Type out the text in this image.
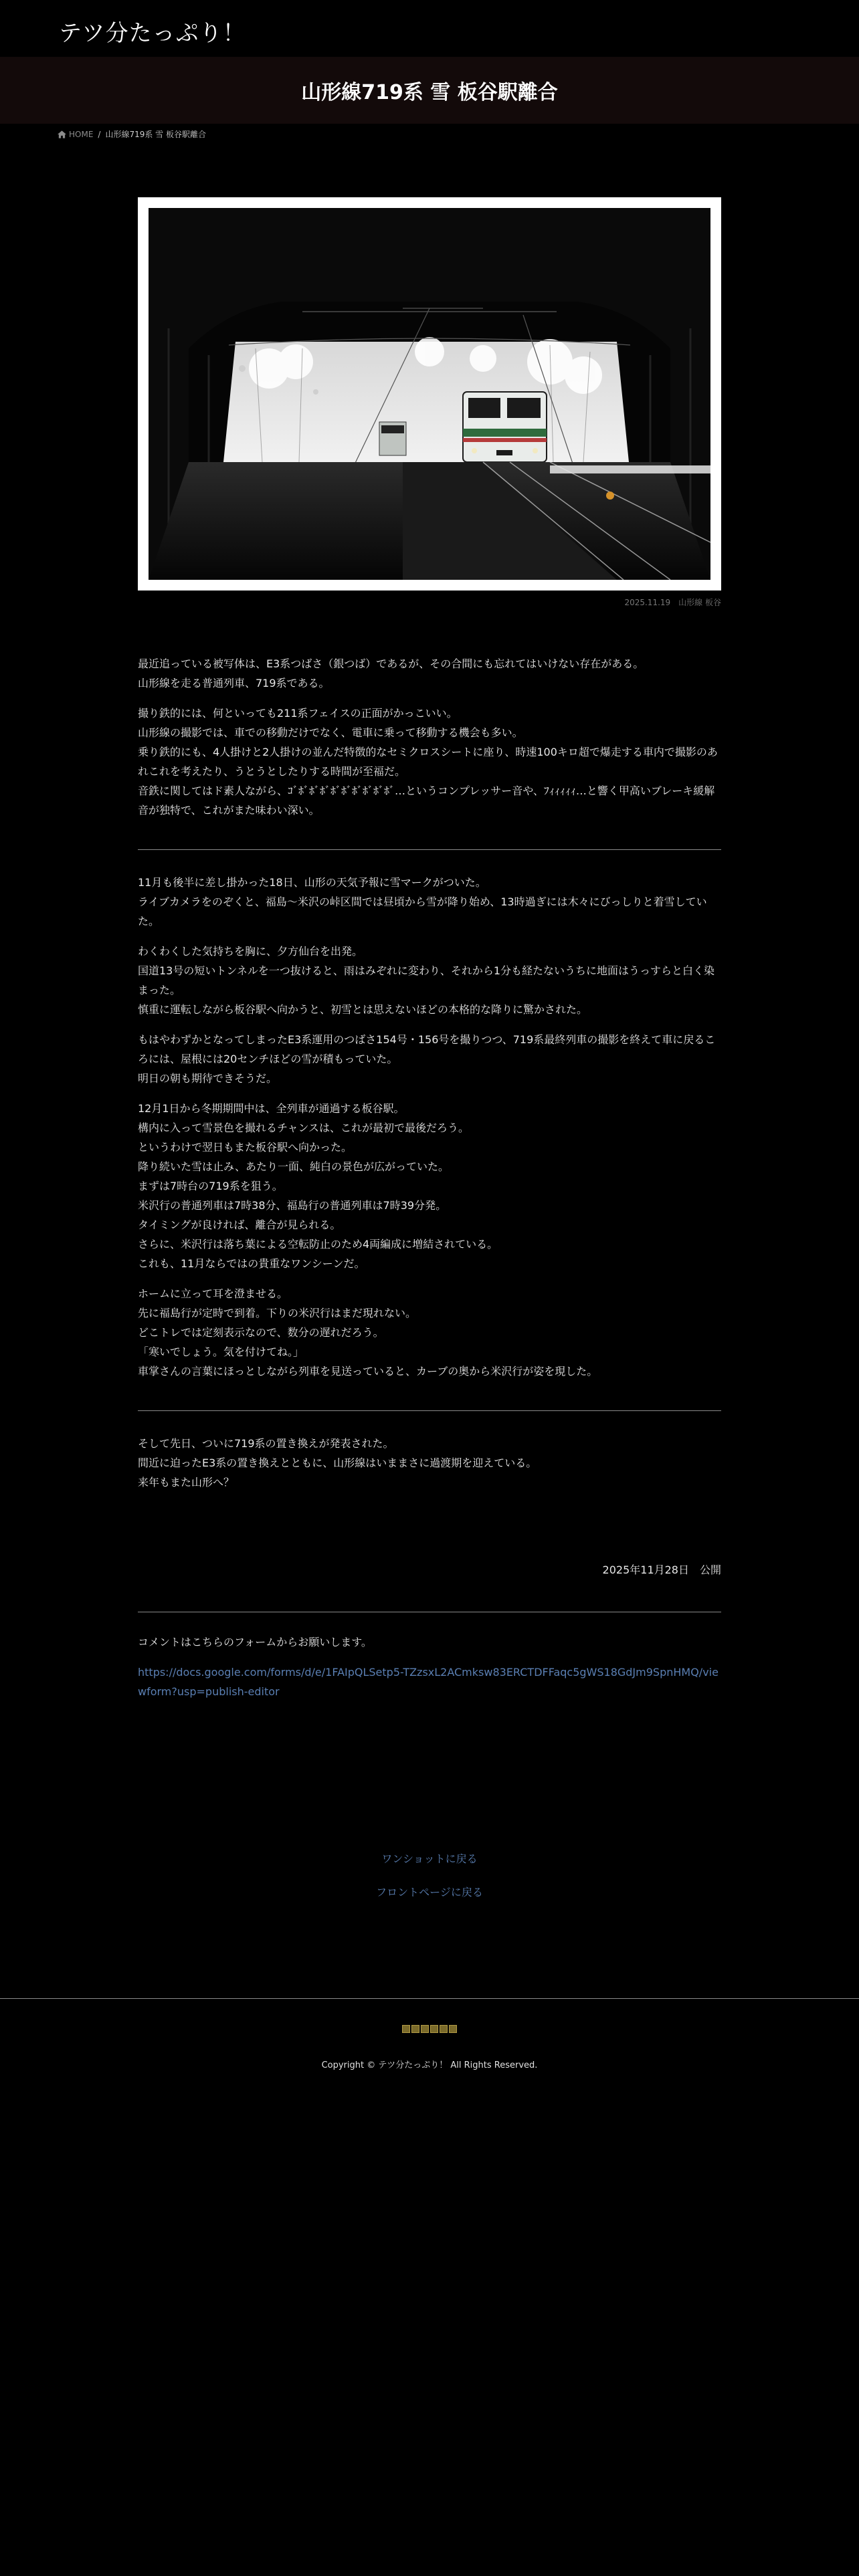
テツ分たっぷり！
山形線719系 雪 板谷駅離合
HOME / 山形線719系 雪 板谷駅離合
2025.11.19 山形線 板谷

最近追っている被写体は、E3系つばさ（銀つば）であるが、その合間にも忘れてはいけない存在がある。
山形線を走る普通列車、719系である。

撮り鉄的には、何といっても211系フェイスの正面がかっこいい。
山形線の撮影では、車での移動だけでなく、電車に乗って移動する機会も多い。
乗り鉄的にも、4人掛けと2人掛けの並んだ特徴的なセミクロスシートに座り、時速100キロ超で爆走する車内で撮影のあれこれを考えたり、うとうとしたりする時間が至福だ。
音鉄に関してはド素人ながら、ｺﾞﾎﾞﾎﾞﾎﾞﾎﾞﾎﾞﾎﾞﾎﾞﾎﾞﾎﾞ…というコンプレッサー音や、ﾌｨｨｨｨｨ…と響く甲高いブレーキ緩解音が独特で、これがまた味わい深い。

11月も後半に差し掛かった18日、山形の天気予報に雪マークがついた。
ライブカメラをのぞくと、福島〜米沢の峠区間では昼頃から雪が降り始め、13時過ぎには木々にびっしりと着雪していた。

わくわくした気持ちを胸に、夕方仙台を出発。
国道13号の短いトンネルを一つ抜けると、雨はみぞれに変わり、それから1分も経たないうちに地面はうっすらと白く染まった。
慎重に運転しながら板谷駅へ向かうと、初雪とは思えないほどの本格的な降りに驚かされた。

もはやわずかとなってしまったE3系運用のつばさ154号・156号を撮りつつ、719系最終列車の撮影を終えて車に戻るころには、屋根には20センチほどの雪が積もっていた。
明日の朝も期待できそうだ。

12月1日から冬期期間中は、全列車が通過する板谷駅。
構内に入って雪景色を撮れるチャンスは、これが最初で最後だろう。
というわけで翌日もまた板谷駅へ向かった。
降り続いた雪は止み、あたり一面、純白の景色が広がっていた。
まずは7時台の719系を狙う。
米沢行の普通列車は7時38分、福島行の普通列車は7時39分発。
タイミングが良ければ、離合が見られる。
さらに、米沢行は落ち葉による空転防止のため4両編成に増結されている。
これも、11月ならではの貴重なワンシーンだ。

ホームに立って耳を澄ませる。
先に福島行が定時で到着。下りの米沢行はまだ現れない。
どこトレでは定刻表示なので、数分の遅れだろう。
「寒いでしょう。気を付けてね。」
車掌さんの言葉にほっとしながら列車を見送っていると、カーブの奥から米沢行が姿を現した。

そして先日、ついに719系の置き換えが発表された。
間近に迫ったE3系の置き換えとともに、山形線はいままさに過渡期を迎えている。
来年もまた山形へ？

2025年11月28日　公開

コメントはこちらのフォームからお願いします。

https://docs.google.com/forms/d/e/1FAIpQLSetp5-TZzsxL2ACmksw83ERCTDFFaqc5gWS18GdJm9SpnHMQ/viewform?usp=publish-editor
ワンショットに戻る
フロントページに戻る
Copyright © テツ分たっぷり！ All Rights Reserved.
